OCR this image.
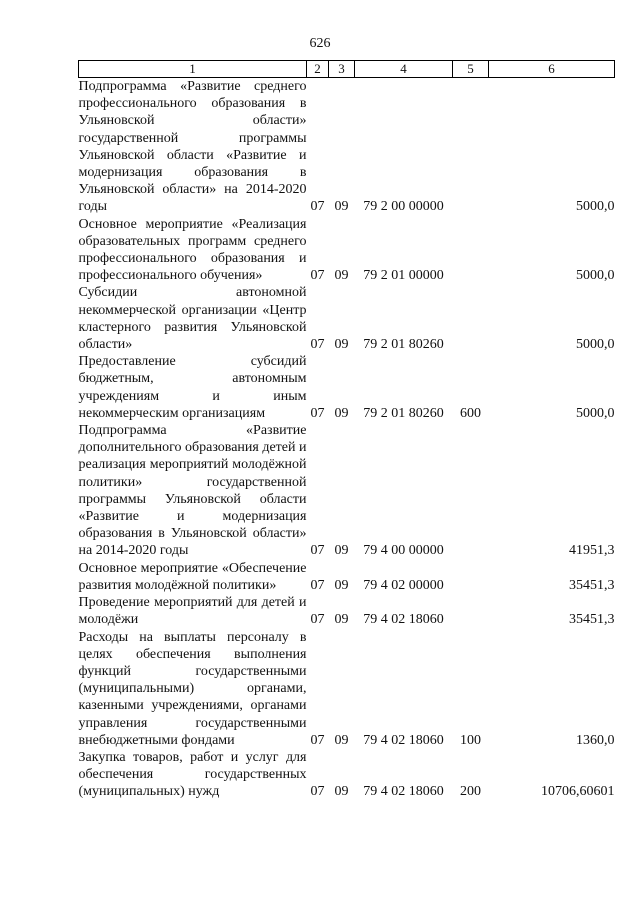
626
1	2	3	4	5	6
Подпрограмма «Развитие среднего профессионального образования в Ульяновской области» государственной программы Ульяновской области «Развитие и модернизация образования в Ульяновской области» на 2014-2020 годы	07	09	79 2 00 00000		5000,0
Основное мероприятие «Реализация образовательных программ среднего профессионального образования и профессионального обучения»	07	09	79 2 01 00000		5000,0
Субсидии автономной некоммерческой организации «Центр кластерного развития Ульяновской области»	07	09	79 2 01 80260		5000,0
Предоставление субсидий бюджетным, автономным учреждениям и иным некоммерческим организациям	07	09	79 2 01 80260	600	5000,0
Подпрограмма «Развитие дополнительного образования детей и реализация мероприятий молодёжной политики» государственной программы Ульяновской области «Развитие и модернизация образования в Ульяновской области» на 2014-2020 годы	07	09	79 4 00 00000		41951,3
Основное мероприятие «Обеспечение развития молодёжной политики»	07	09	79 4 02 00000		35451,3
Проведение мероприятий для детей и молодёжи	07	09	79 4 02 18060		35451,3
Расходы на выплаты персоналу в целях обеспечения выполнения функций государственными (муниципальными) органами, казенными учреждениями, органами управления государственными внебюджетными фондами	07	09	79 4 02 18060	100	1360,0
Закупка товаров, работ и услуг для обеспечения государственных (муниципальных) нужд	07	09	79 4 02 18060	200	10706,60601
